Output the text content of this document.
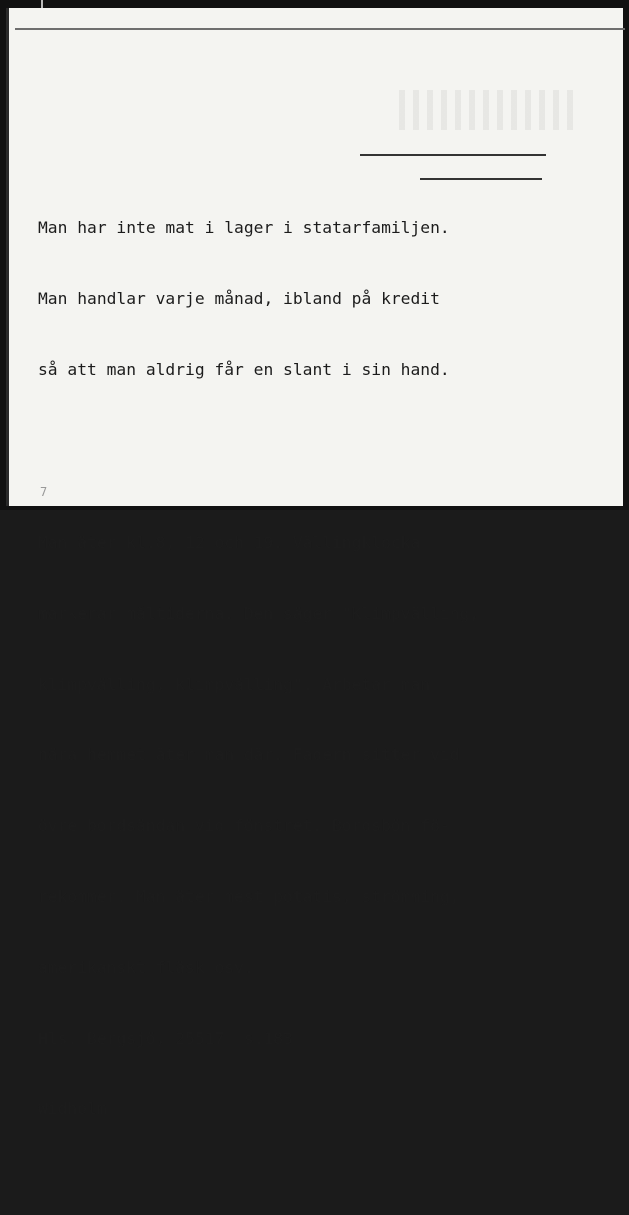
Man har inte mat i lager i statarfamiljen.

Man handlar varje månad, ibland på kredit

så att man aldrig får en slant i sin hand.

Man äter kl.8, 12 och 19. Vällingklocka

markerar måltiderna. Den säger "Klimpvälling,

klimpvälling, klimpvälling". Arbetar man

nära hemmet äter man där. Fadern sitter vid

övre bordsändan vid fönstret. Bordsbön fö-

rekommer. Man äter mest potatis, strömming,

amerikanskt fläsk osv.

Hls. Bergsjö, 25517  s.183

Widholm

7
